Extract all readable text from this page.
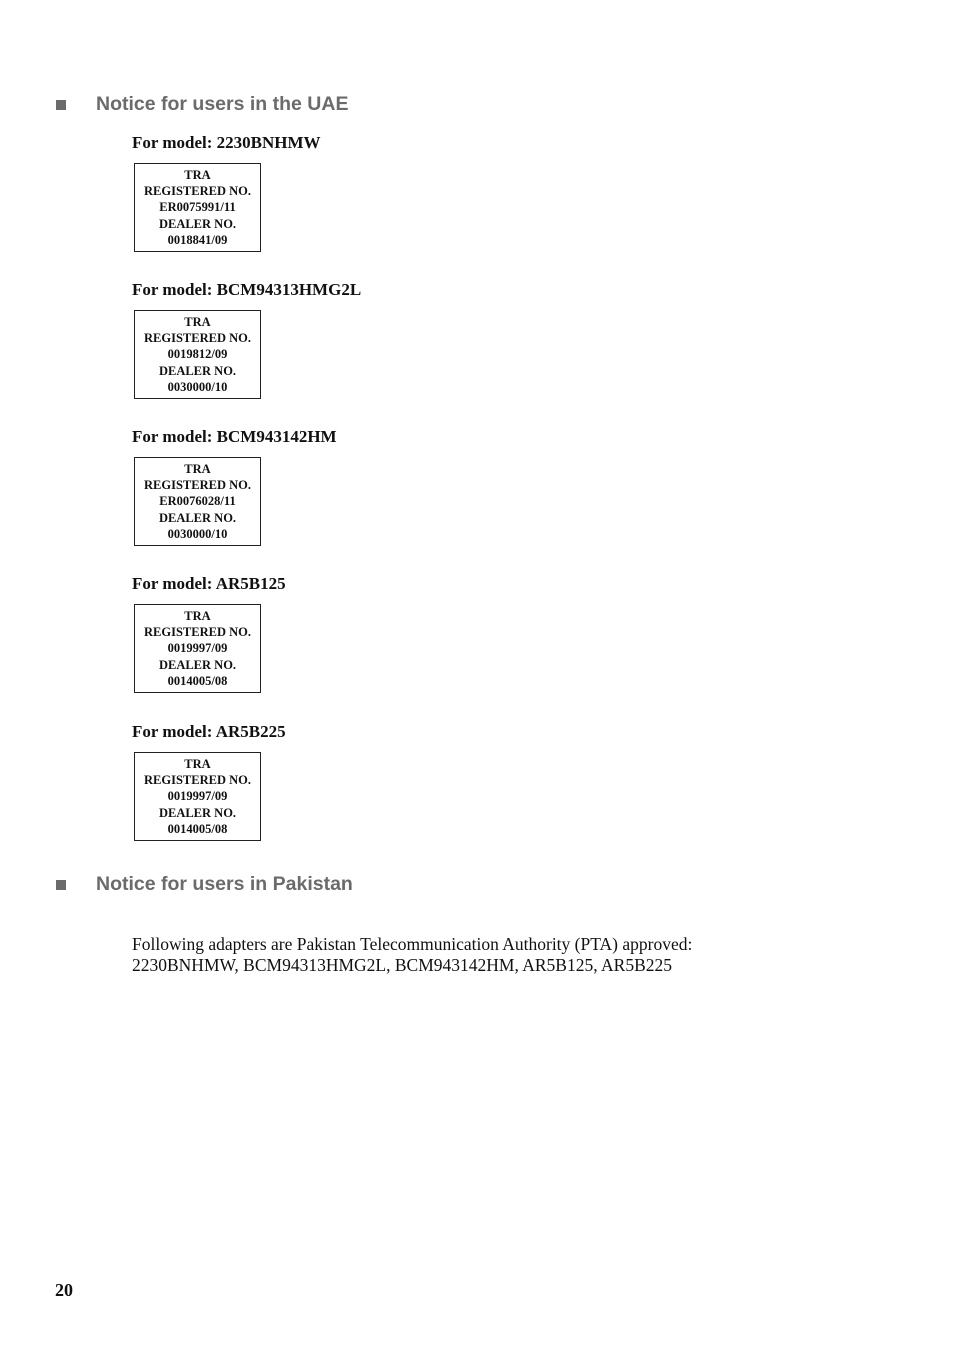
Notice for users in the UAE
For model: 2230BNHMW
TRA
REGISTERED NO.
ER0075991/11
DEALER NO.
0018841/09
For model: BCM94313HMG2L
TRA
REGISTERED NO.
0019812/09
DEALER NO.
0030000/10
For model: BCM943142HM
TRA
REGISTERED NO.
ER0076028/11
DEALER NO.
0030000/10
For model: AR5B125
TRA
REGISTERED NO.
0019997/09
DEALER NO.
0014005/08
For model: AR5B225
TRA
REGISTERED NO.
0019997/09
DEALER NO.
0014005/08
Notice for users in Pakistan
Following adapters are Pakistan Telecommunication Authority (PTA) approved:
2230BNHMW, BCM94313HMG2L, BCM943142HM, AR5B125, AR5B225
20
